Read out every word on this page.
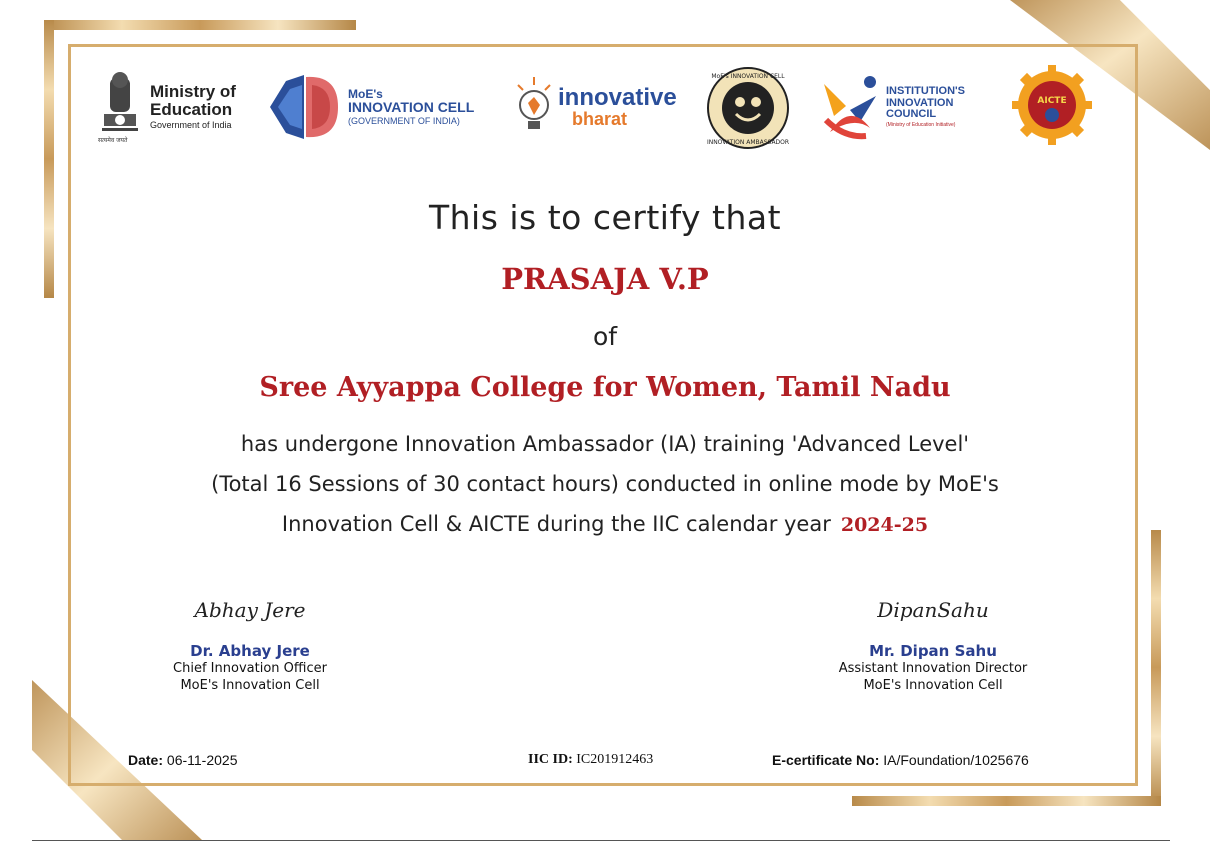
सत्यमेव जयते
Ministry of
Education
Government of India
MoE's
INNOVATION CELL
(GOVERNMENT OF INDIA)
innovative
bharat
MoE's INNOVATION CELL
INNOVATION AMBASSADOR
INSTITUTION'S
INNOVATION
COUNCIL
(Ministry of Education Initiative)
AICTE
This is to certify that
PRASAJA V.P
of
Sree Ayyappa College for Women, Tamil Nadu
has undergone Innovation Ambassador (IA) training 'Advanced Level'
(Total 16 Sessions of 30 contact hours) conducted in online mode by MoE's
Innovation Cell & AICTE during the IIC calendar year 2024-25
Abhay Jere
Dr. Abhay Jere
Chief Innovation Officer
MoE's Innovation Cell
DipanSahu
Mr. Dipan Sahu
Assistant Innovation Director
MoE's Innovation Cell
Date: 06-11-2025	IIC ID: IC201912463	E-certificate No: IA/Foundation/1025676
